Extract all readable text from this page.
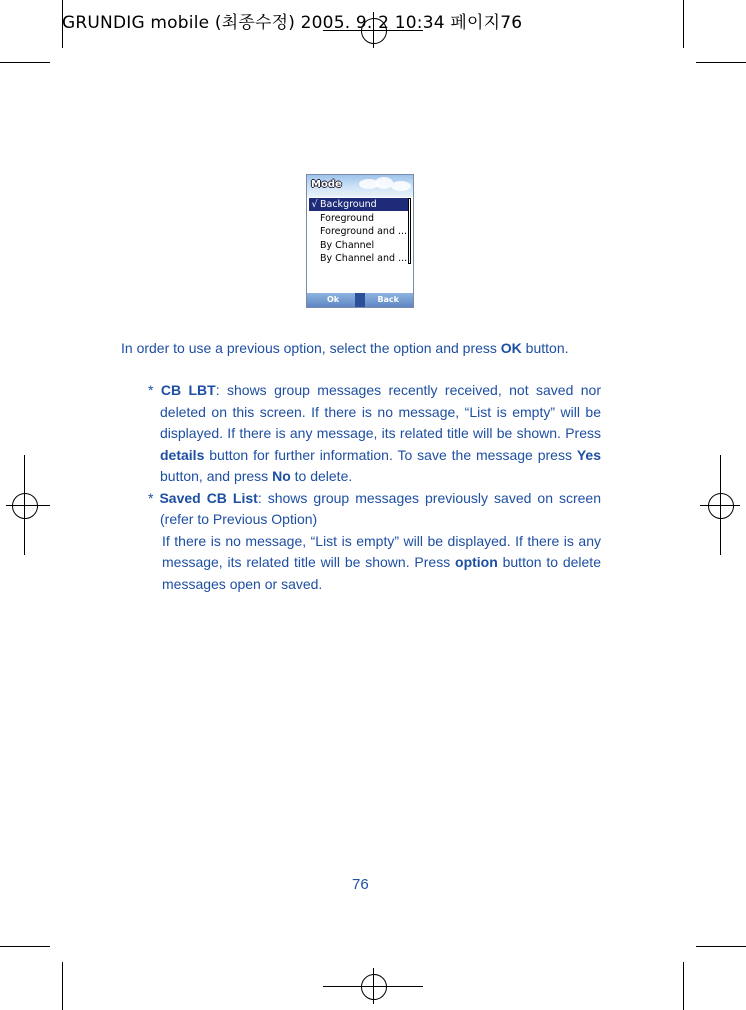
GRUNDIG mobile (최종수정) 2005. 9. 2 10:34 페이지76
Mode
√ Background
Foreground
Foreground and ...
By Channel
By Channel and ...
Ok	Back
In order to use a previous option, select the option and press OK button.

* CB LBT: shows group messages recently received, not saved nor deleted on this screen. If there is no message, “List is empty” will be displayed. If there is any message, its related title will be shown. Press details button for further information. To save the message press Yes button, and press No to delete.

* Saved CB List: shows group messages previously saved on screen (refer to Previous Option)

If there is no message, “List is empty” will be displayed. If there is any message, its related title will be shown. Press option button to delete messages open or saved.

76
